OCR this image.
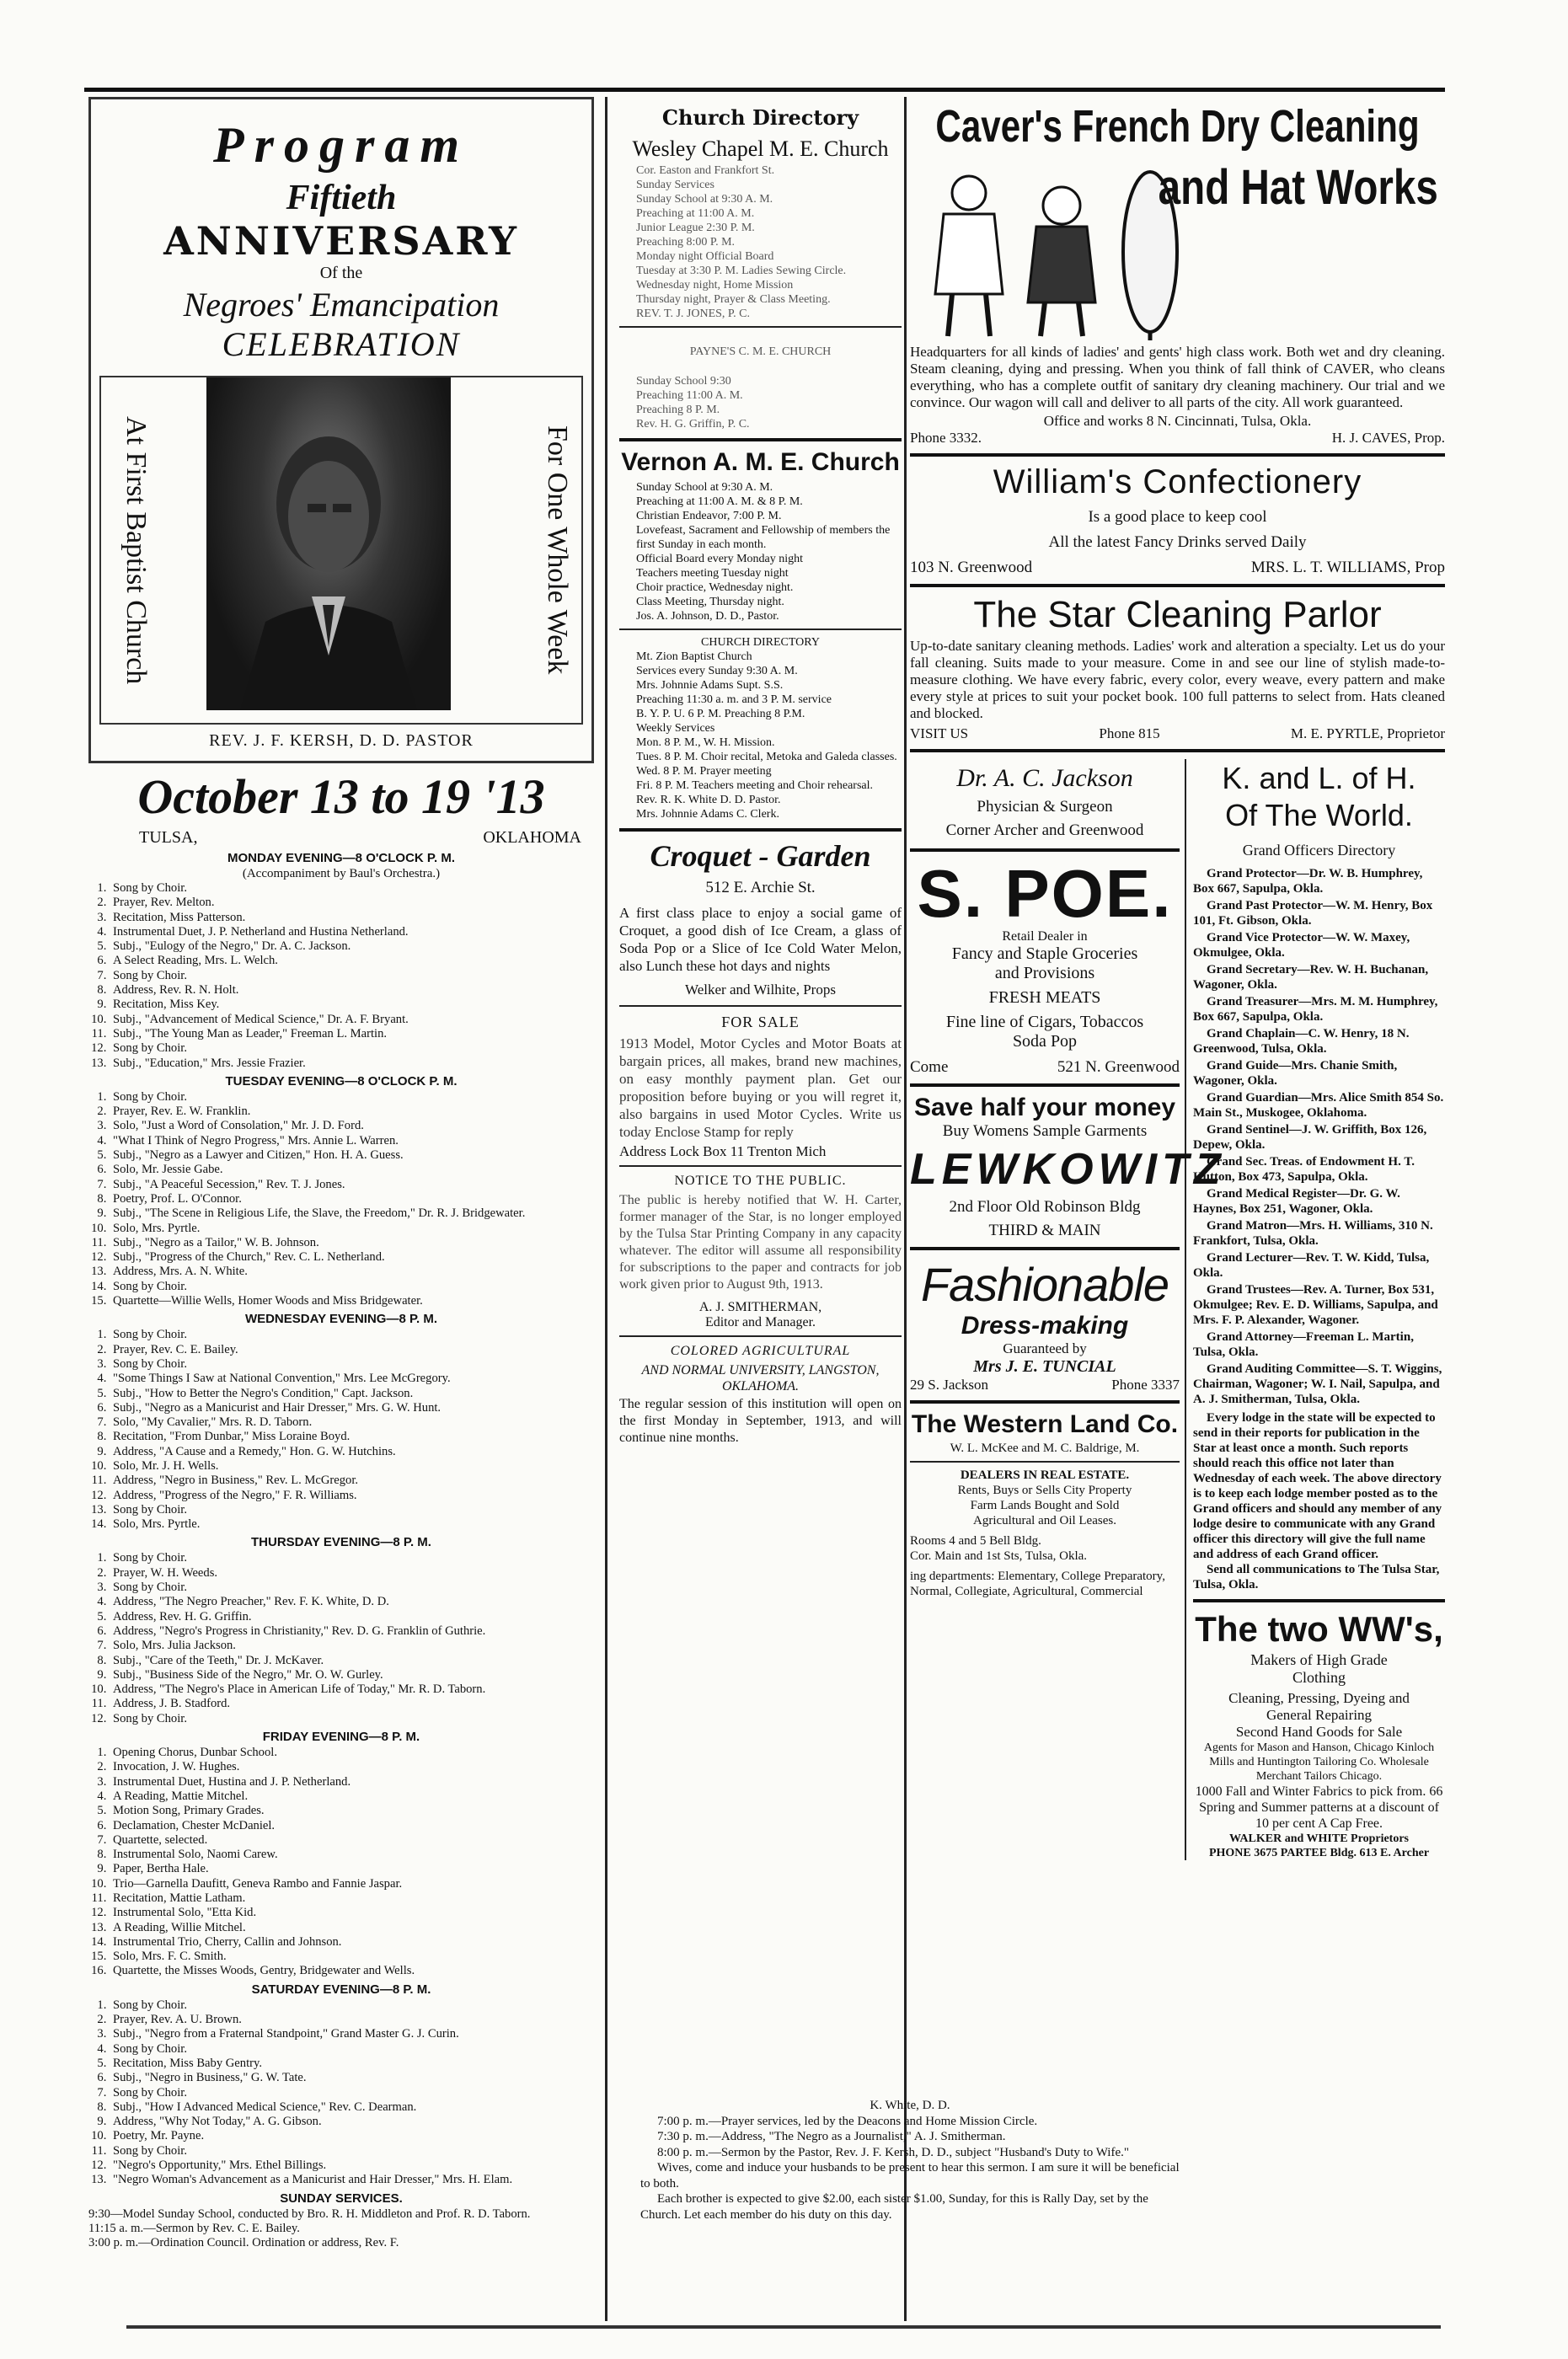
Program
Fiftieth
ANNIVERSARY
Of the
Negroes' Emancipation
CELEBRATION
At First Baptist Church	For One Whole Week
REV. J. F. KERSH, D. D. PASTOR
October 13 to 19 '13
TULSA,	OKLAHOMA
MONDAY EVENING—8 O'CLOCK P. M.
(Accompaniment by Baul's Orchestra.)
1. Song by Choir.
2. Prayer, Rev. Melton.
3. Recitation, Miss Patterson.
4. Instrumental Duet, J. P. Netherland and Hustina Netherland.
5. Subj., "Eulogy of the Negro," Dr. A. C. Jackson.
6. A Select Reading, Mrs. L. Welch.
7. Song by Choir.
8. Address, Rev. R. N. Holt.
9. Recitation, Miss Key.
10. Subj., "Advancement of Medical Science," Dr. A. F. Bryant.
11. Subj., "The Young Man as Leader," Freeman L. Martin.
12. Song by Choir.
13. Subj., "Education," Mrs. Jessie Frazier.
TUESDAY EVENING—8 O'CLOCK P. M.
1. Song by Choir.
2. Prayer, Rev. E. W. Franklin.
3. Solo, "Just a Word of Consolation," Mr. J. D. Ford.
4. "What I Think of Negro Progress," Mrs. Annie L. Warren.
5. Subj., "Negro as a Lawyer and Citizen," Hon. H. A. Guess.
6. Solo, Mr. Jessie Gabe.
7. Subj., "A Peaceful Secession," Rev. T. J. Jones.
8. Poetry, Prof. L. O'Connor.
9. Subj., "The Scene in Religious Life, the Slave, the Freedom," Dr. R. J. Bridgewater.
10. Solo, Mrs. Pyrtle.
11. Subj., "Negro as a Tailor," W. B. Johnson.
12. Subj., "Progress of the Church," Rev. C. L. Netherland.
13. Address, Mrs. A. N. White.
14. Song by Choir.
15. Quartette—Willie Wells, Homer Woods and Miss Bridgewater.
WEDNESDAY EVENING—8 P. M.
1. Song by Choir.
2. Prayer, Rev. C. E. Bailey.
3. Song by Choir.
4. "Some Things I Saw at National Convention," Mrs. Lee McGregory.
5. Subj., "How to Better the Negro's Condition," Capt. Jackson.
6. Subj., "Negro as a Manicurist and Hair Dresser," Mrs. G. W. Hunt.
7. Solo, "My Cavalier," Mrs. R. D. Taborn.
8. Recitation, "From Dunbar," Miss Loraine Boyd.
9. Address, "A Cause and a Remedy," Hon. G. W. Hutchins.
10. Solo, Mr. J. H. Wells.
11. Address, "Negro in Business," Rev. L. McGregor.
12. Address, "Progress of the Negro," F. R. Williams.
13. Song by Choir.
14. Solo, Mrs. Pyrtle.
THURSDAY EVENING—8 P. M.
1. Song by Choir.
2. Prayer, W. H. Weeds.
3. Song by Choir.
4. Address, "The Negro Preacher," Rev. F. K. White, D. D.
5. Address, Rev. H. G. Griffin.
6. Address, "Negro's Progress in Christianity," Rev. D. G. Franklin of Guthrie.
7. Solo, Mrs. Julia Jackson.
8. Subj., "Care of the Teeth," Dr. J. McKaver.
9. Subj., "Business Side of the Negro," Mr. O. W. Gurley.
10. Address, "The Negro's Place in American Life of Today," Mr. R. D. Taborn.
11. Address, J. B. Stadford.
12. Song by Choir.
FRIDAY EVENING—8 P. M.
1. Opening Chorus, Dunbar School.
2. Invocation, J. W. Hughes.
3. Instrumental Duet, Hustina and J. P. Netherland.
4. A Reading, Mattie Mitchel.
5. Motion Song, Primary Grades.
6. Declamation, Chester McDaniel.
7. Quartette, selected.
8. Instrumental Solo, Naomi Carew.
9. Paper, Bertha Hale.
10. Trio—Garnella Daufitt, Geneva Rambo and Fannie Jaspar.
11. Recitation, Mattie Latham.
12. Instrumental Solo, "Etta Kid.
13. A Reading, Willie Mitchel.
14. Instrumental Trio, Cherry, Callin and Johnson.
15. Solo, Mrs. F. C. Smith.
16. Quartette, the Misses Woods, Gentry, Bridgewater and Wells.
SATURDAY EVENING—8 P. M.
1. Song by Choir.
2. Prayer, Rev. A. U. Brown.
3. Subj., "Negro from a Fraternal Standpoint," Grand Master G. J. Curin.
4. Song by Choir.
5. Recitation, Miss Baby Gentry.
6. Subj., "Negro in Business," G. W. Tate.
7. Song by Choir.
8. Subj., "How I Advanced Medical Science," Rev. C. Dearman.
9. Address, "Why Not Today," A. G. Gibson.
10. Poetry, Mr. Payne.
11. Song by Choir.
12. "Negro's Opportunity," Mrs. Ethel Billings.
13. "Negro Woman's Advancement as a Manicurist and Hair Dresser," Mrs. H. Elam.
SUNDAY SERVICES.
9:30—Model Sunday School, conducted by Bro. R. H. Middleton and Prof. R. D. Taborn.
11:15 a. m.—Sermon by Rev. C. E. Bailey.
3:00 p. m.—Ordination Council. Ordination or address, Rev. F.
Church Directory
Wesley Chapel M. E. Church
Cor. Easton and Frankfort St.
Sunday Services
Sunday School at 9:30 A. M.
Preaching at 11:00 A. M.
Junior League 2:30 P. M.
Preaching 8:00 P. M.
Monday night Official Board
Tuesday at 3:30 P. M. Ladies Sewing Circle.
Wednesday night, Home Mission
Thursday night, Prayer & Class Meeting.
REV. T. J. JONES, P. C.
PAYNE'S C. M. E. CHURCH
Sunday School 9:30
Preaching 11:00 A. M.
Preaching 8 P. M.
Rev. H. G. Griffin, P. C.
Vernon A. M. E. Church
Sunday School at 9:30 A. M.
Preaching at 11:00 A. M. & 8 P. M.
Christian Endeavor, 7:00 P. M.
Lovefeast, Sacrament and Fellowship of members the first Sunday in each month.
Official Board every Monday night
Teachers meeting Tuesday night
Choir practice, Wednesday night.
Class Meeting, Thursday night.
Jos. A. Johnson, D. D., Pastor.
CHURCH DIRECTORY
Mt. Zion Baptist Church
Services every Sunday 9:30 A. M.
Mrs. Johnnie Adams Supt. S.S.
Preaching 11:30 a. m. and 3 P. M. service
B. Y. P. U. 6 P. M. Preaching 8 P.M.
Weekly Services
Mon. 8 P. M., W. H. Mission.
Tues. 8 P. M. Choir recital, Metoka and Galeda classes.
Wed. 8 P. M. Prayer meeting
Fri. 8 P. M. Teachers meeting and Choir rehearsal.
Rev. R. K. White D. D. Pastor.
Mrs. Johnnie Adams C. Clerk.
Croquet - Garden
512 E. Archie St.
A first class place to enjoy a social game of Croquet, a good dish of Ice Cream, a glass of Soda Pop or a Slice of Ice Cold Water Melon, also Lunch these hot days and nights
Welker and Wilhite, Props
FOR SALE
1913 Model, Motor Cycles and Motor Boats at bargain prices, all makes, brand new machines, on easy monthly payment plan. Get our proposition before buying or you will regret it, also bargains in used Motor Cycles. Write us today Enclose Stamp for reply
Address Lock Box 11 Trenton Mich
NOTICE TO THE PUBLIC.
The public is hereby notified that W. H. Carter, former manager of the Star, is no longer employed by the Tulsa Star Printing Company in any capacity whatever. The editor will assume all responsibility for subscriptions to the paper and contracts for job work given prior to August 9th, 1913.
A. J. SMITHERMAN,
Editor and Manager.
COLORED AGRICULTURAL
AND NORMAL UNIVERSITY, LANGSTON, OKLAHOMA.
The regular session of this institution will open on the first Monday in September, 1913, and will continue nine months.
Caver's French Dry Cleaning
and Hat Works
Headquarters for all kinds of ladies' and gents' high class work. Both wet and dry cleaning. Steam cleaning, dying and pressing. When you think of fall think of CAVER, who cleans everything, who has a complete outfit of sanitary dry cleaning machinery. Our trial and we convince. Our wagon will call and deliver to all parts of the city. All work guaranteed.
Office and works 8 N. Cincinnati, Tulsa, Okla.
Phone 3332.	H. J. CAVES, Prop.
William's Confectionery
Is a good place to keep cool
All the latest Fancy Drinks served Daily
103 N. Greenwood	MRS. L. T. WILLIAMS, Prop
The Star Cleaning Parlor
Up-to-date sanitary cleaning methods. Ladies' work and alteration a specialty. Let us do your fall cleaning. Suits made to your measure. Come in and see our line of stylish made-to-measure clothing. We have every fabric, every color, every weave, every pattern and make every style at prices to suit your pocket book. 100 full patterns to select from. Hats cleaned and blocked.
VISIT US	Phone 815	M. E. PYRTLE, Proprietor
Dr. A. C. Jackson
Physician & Surgeon
Corner Archer and Greenwood
S. POE.
Retail Dealer in
Fancy and Staple Groceries
and Provisions
FRESH MEATS
Fine line of Cigars, Tobaccos
Soda Pop
Come	521 N. Greenwood
Save half your money
Buy Womens Sample Garments
LEWKOWITZ
2nd Floor Old Robinson Bldg
THIRD & MAIN
Fashionable
Dress-making
Guaranteed by
Mrs J. E. TUNCIAL
29 S. Jackson	Phone 3337
The Western Land Co.
W. L. McKee and M. C. Baldrige, M.
DEALERS IN REAL ESTATE.
Rents, Buys or Sells City Property
Farm Lands Bought and Sold
Agricultural and Oil Leases.
Rooms 4 and 5 Bell Bldg.
Cor. Main and 1st Sts, Tulsa, Okla.
ing departments: Elementary, College Preparatory, Normal, Collegiate, Agricultural, Commercial
K. and L. of H.
Of The World.
Grand Officers Directory
Grand Protector—Dr. W. B. Humphrey, Box 667, Sapulpa, Okla.
Grand Past Protector—W. M. Henry, Box 101, Ft. Gibson, Okla.
Grand Vice Protector—W. W. Maxey, Okmulgee, Okla.
Grand Secretary—Rev. W. H. Buchanan, Wagoner, Okla.
Grand Treasurer—Mrs. M. M. Humphrey, Box 667, Sapulpa, Okla.
Grand Chaplain—C. W. Henry, 18 N. Greenwood, Tulsa, Okla.
Grand Guide—Mrs. Chanie Smith, Wagoner, Okla.
Grand Guardian—Mrs. Alice Smith 854 So. Main St., Muskogee, Oklahoma.
Grand Sentinel—J. W. Griffith, Box 126, Depew, Okla.
Grand Sec. Treas. of Endowment H. T. Hutton, Box 473, Sapulpa, Okla.
Grand Medical Register—Dr. G. W. Haynes, Box 251, Wagoner, Okla.
Grand Matron—Mrs. H. Williams, 310 N. Frankfort, Tulsa, Okla.
Grand Lecturer—Rev. T. W. Kidd, Tulsa, Okla.
Grand Trustees—Rev. A. Turner, Box 531, Okmulgee; Rev. E. D. Williams, Sapulpa, and Mrs. F. P. Alexander, Wagoner.
Grand Attorney—Freeman L. Martin, Tulsa, Okla.
Grand Auditing Committee—S. T. Wiggins, Chairman, Wagoner; W. I. Nail, Sapulpa, and A. J. Smitherman, Tulsa, Okla.
Every lodge in the state will be expected to send in their reports for publication in the Star at least once a month. Such reports should reach this office not later than Wednesday of each week. The above directory is to keep each lodge member posted as to the Grand officers and should any member of any lodge desire to communicate with any Grand officer this directory will give the full name and address of each Grand officer.
Send all communications to The Tulsa Star, Tulsa, Okla.
The two WW's,
Makers of High Grade
Clothing
Cleaning, Pressing, Dyeing and
General Repairing
Second Hand Goods for Sale
Agents for Mason and Hanson, Chicago Kinloch Mills and Huntington Tailoring Co. Wholesale Merchant Tailors Chicago.
1000 Fall and Winter Fabrics to pick from. 66 Spring and Summer patterns at a discount of 10 per cent A Cap Free.
WALKER and WHITE Proprietors
PHONE 3675 PARTEE Bldg. 613 E. Archer
K. White, D. D.
7:00 p. m.—Prayer services, led by the Deacons and Home Mission Circle.
7:30 p. m.—Address, "The Negro as a Journalist," A. J. Smitherman.
8:00 p. m.—Sermon by the Pastor, Rev. J. F. Kersh, D. D., subject "Husband's Duty to Wife."
Wives, come and induce your husbands to be present to hear this sermon. I am sure it will be beneficial to both.
Each brother is expected to give $2.00, each sister $1.00, Sunday, for this is Rally Day, set by the Church. Let each member do his duty on this day.
